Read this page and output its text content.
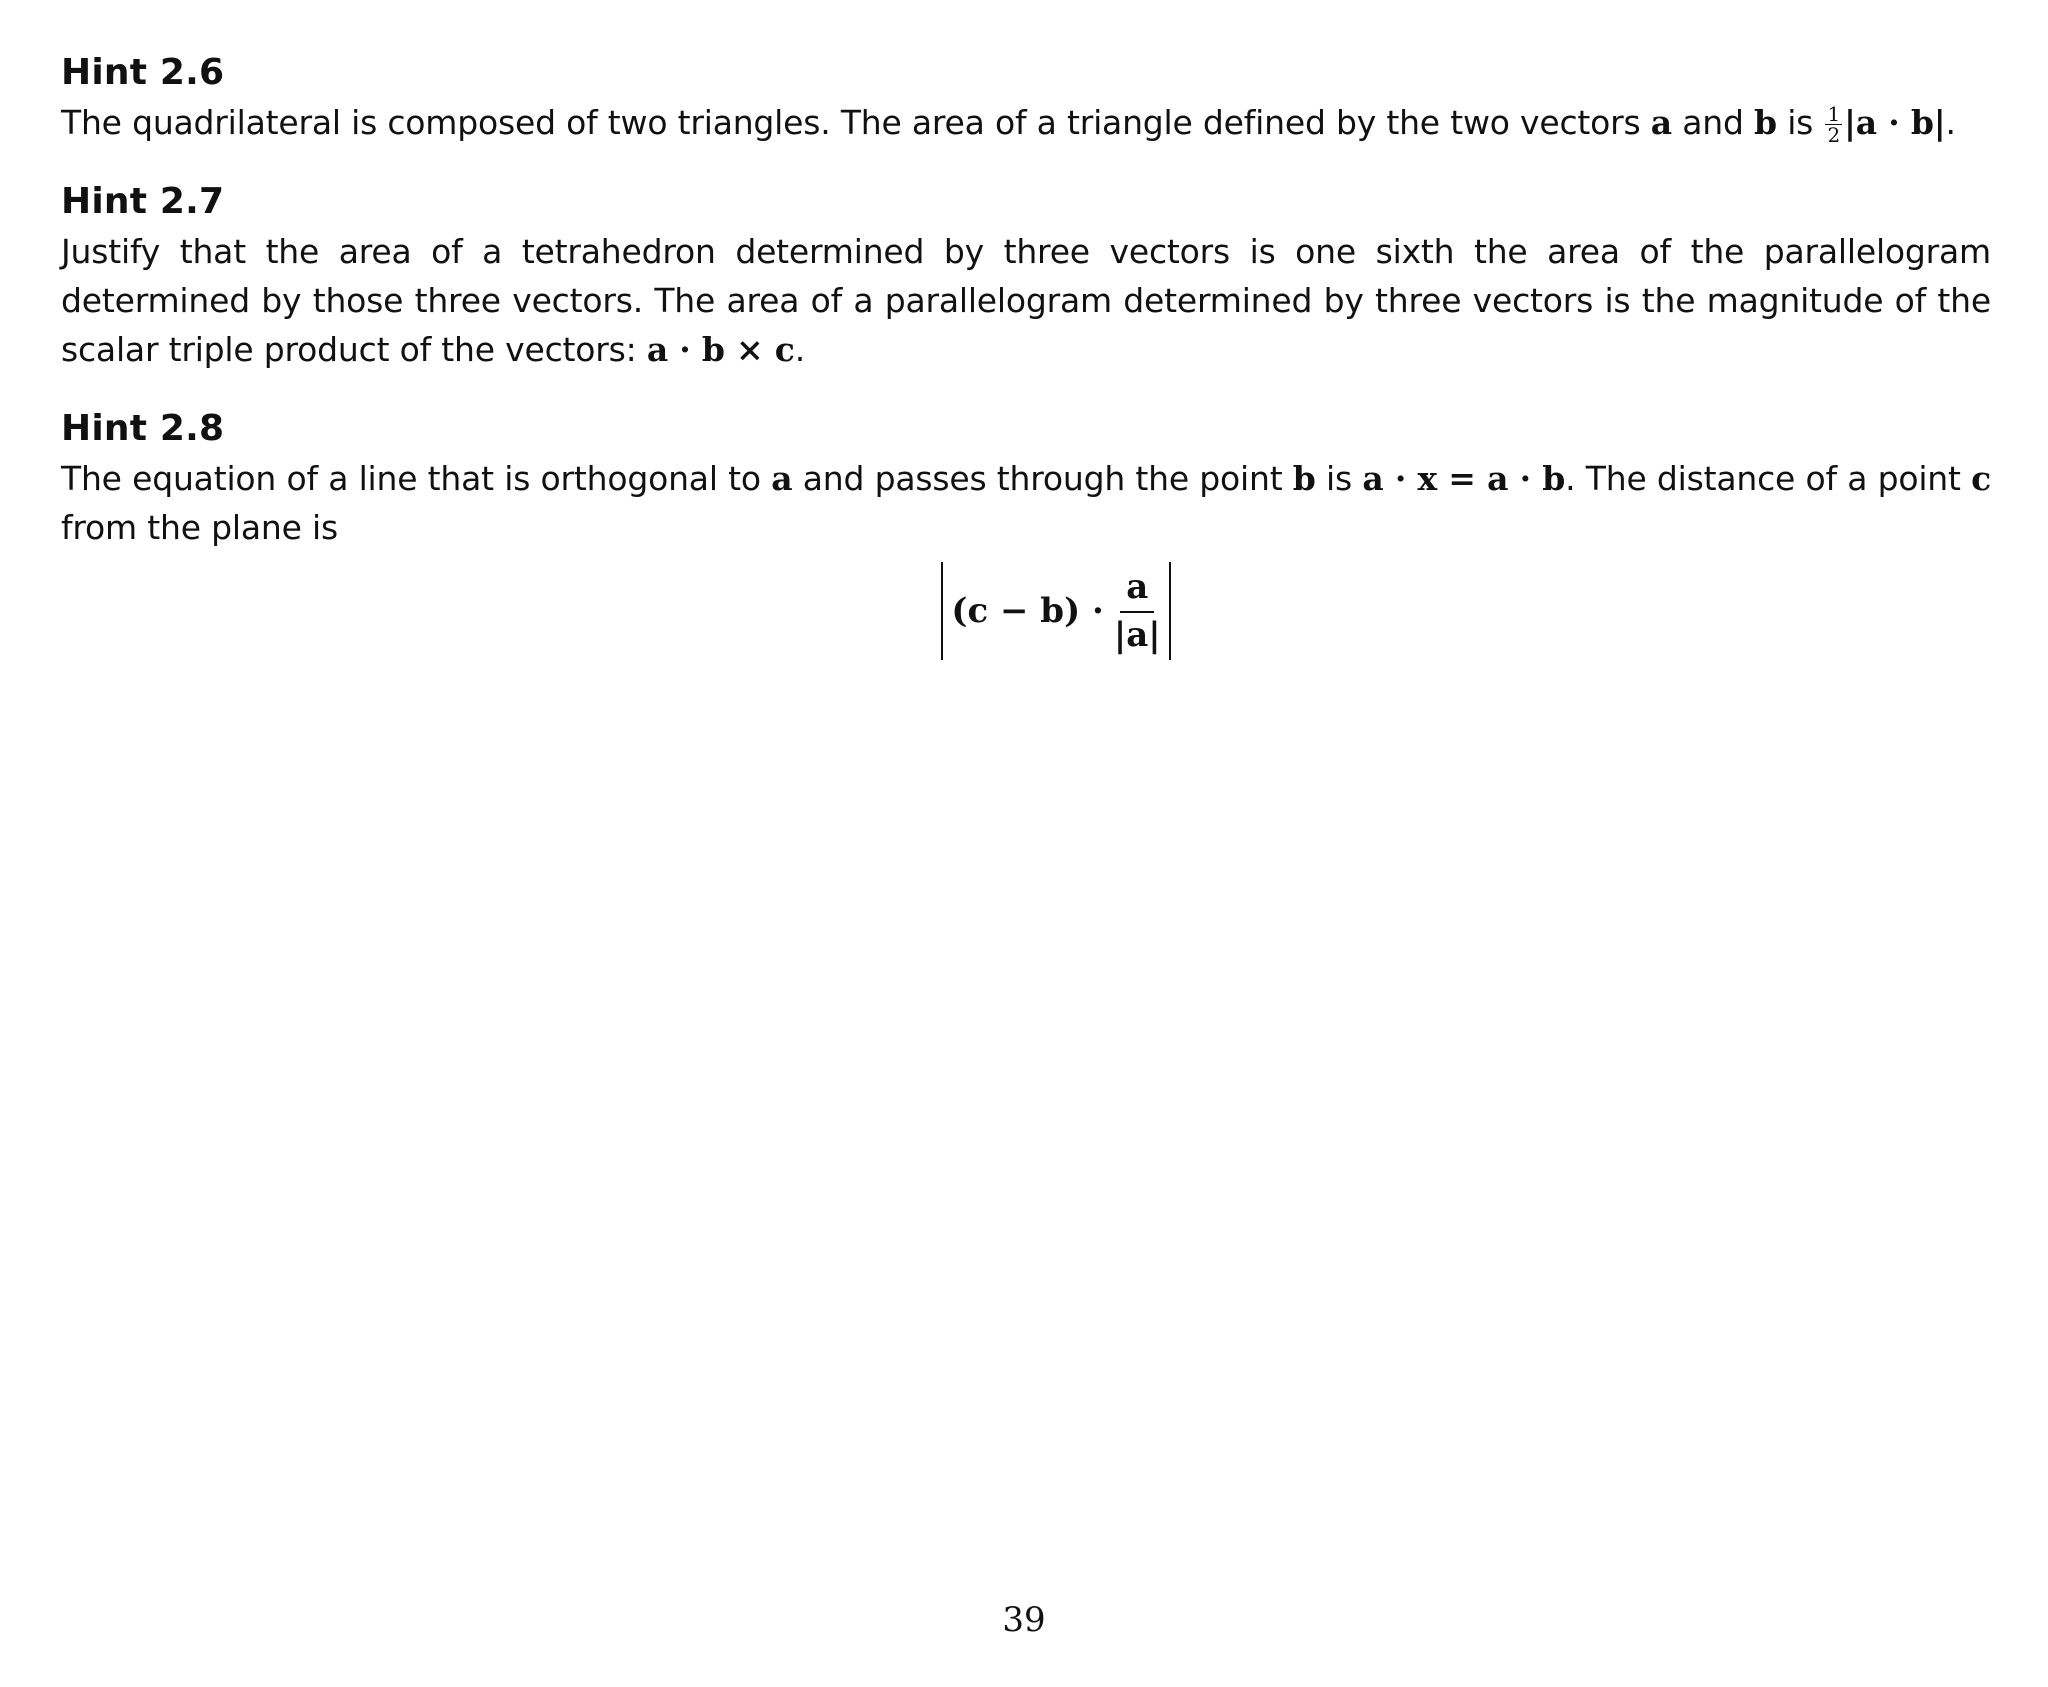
Hint 2.6

The quadrilateral is composed of two triangles. The area of a triangle defined by the two vectors a and b is $\frac{1}{2} |a \cdot b|$.

Hint 2.7

Justify that the area of a tetrahedron determined by three vectors is one sixth the area of the parallelogram determined by those three vectors. The area of a parallelogram determined by three vectors is the magnitude of the scalar triple product of the vectors: a · b × c.

Hint 2.8

The equation of a line that is orthogonal to a and passes through the point b is a · x = a · b. The distance of a point c from the plane is

$(c - b) \cdot \frac{a}{|a|}$
39
